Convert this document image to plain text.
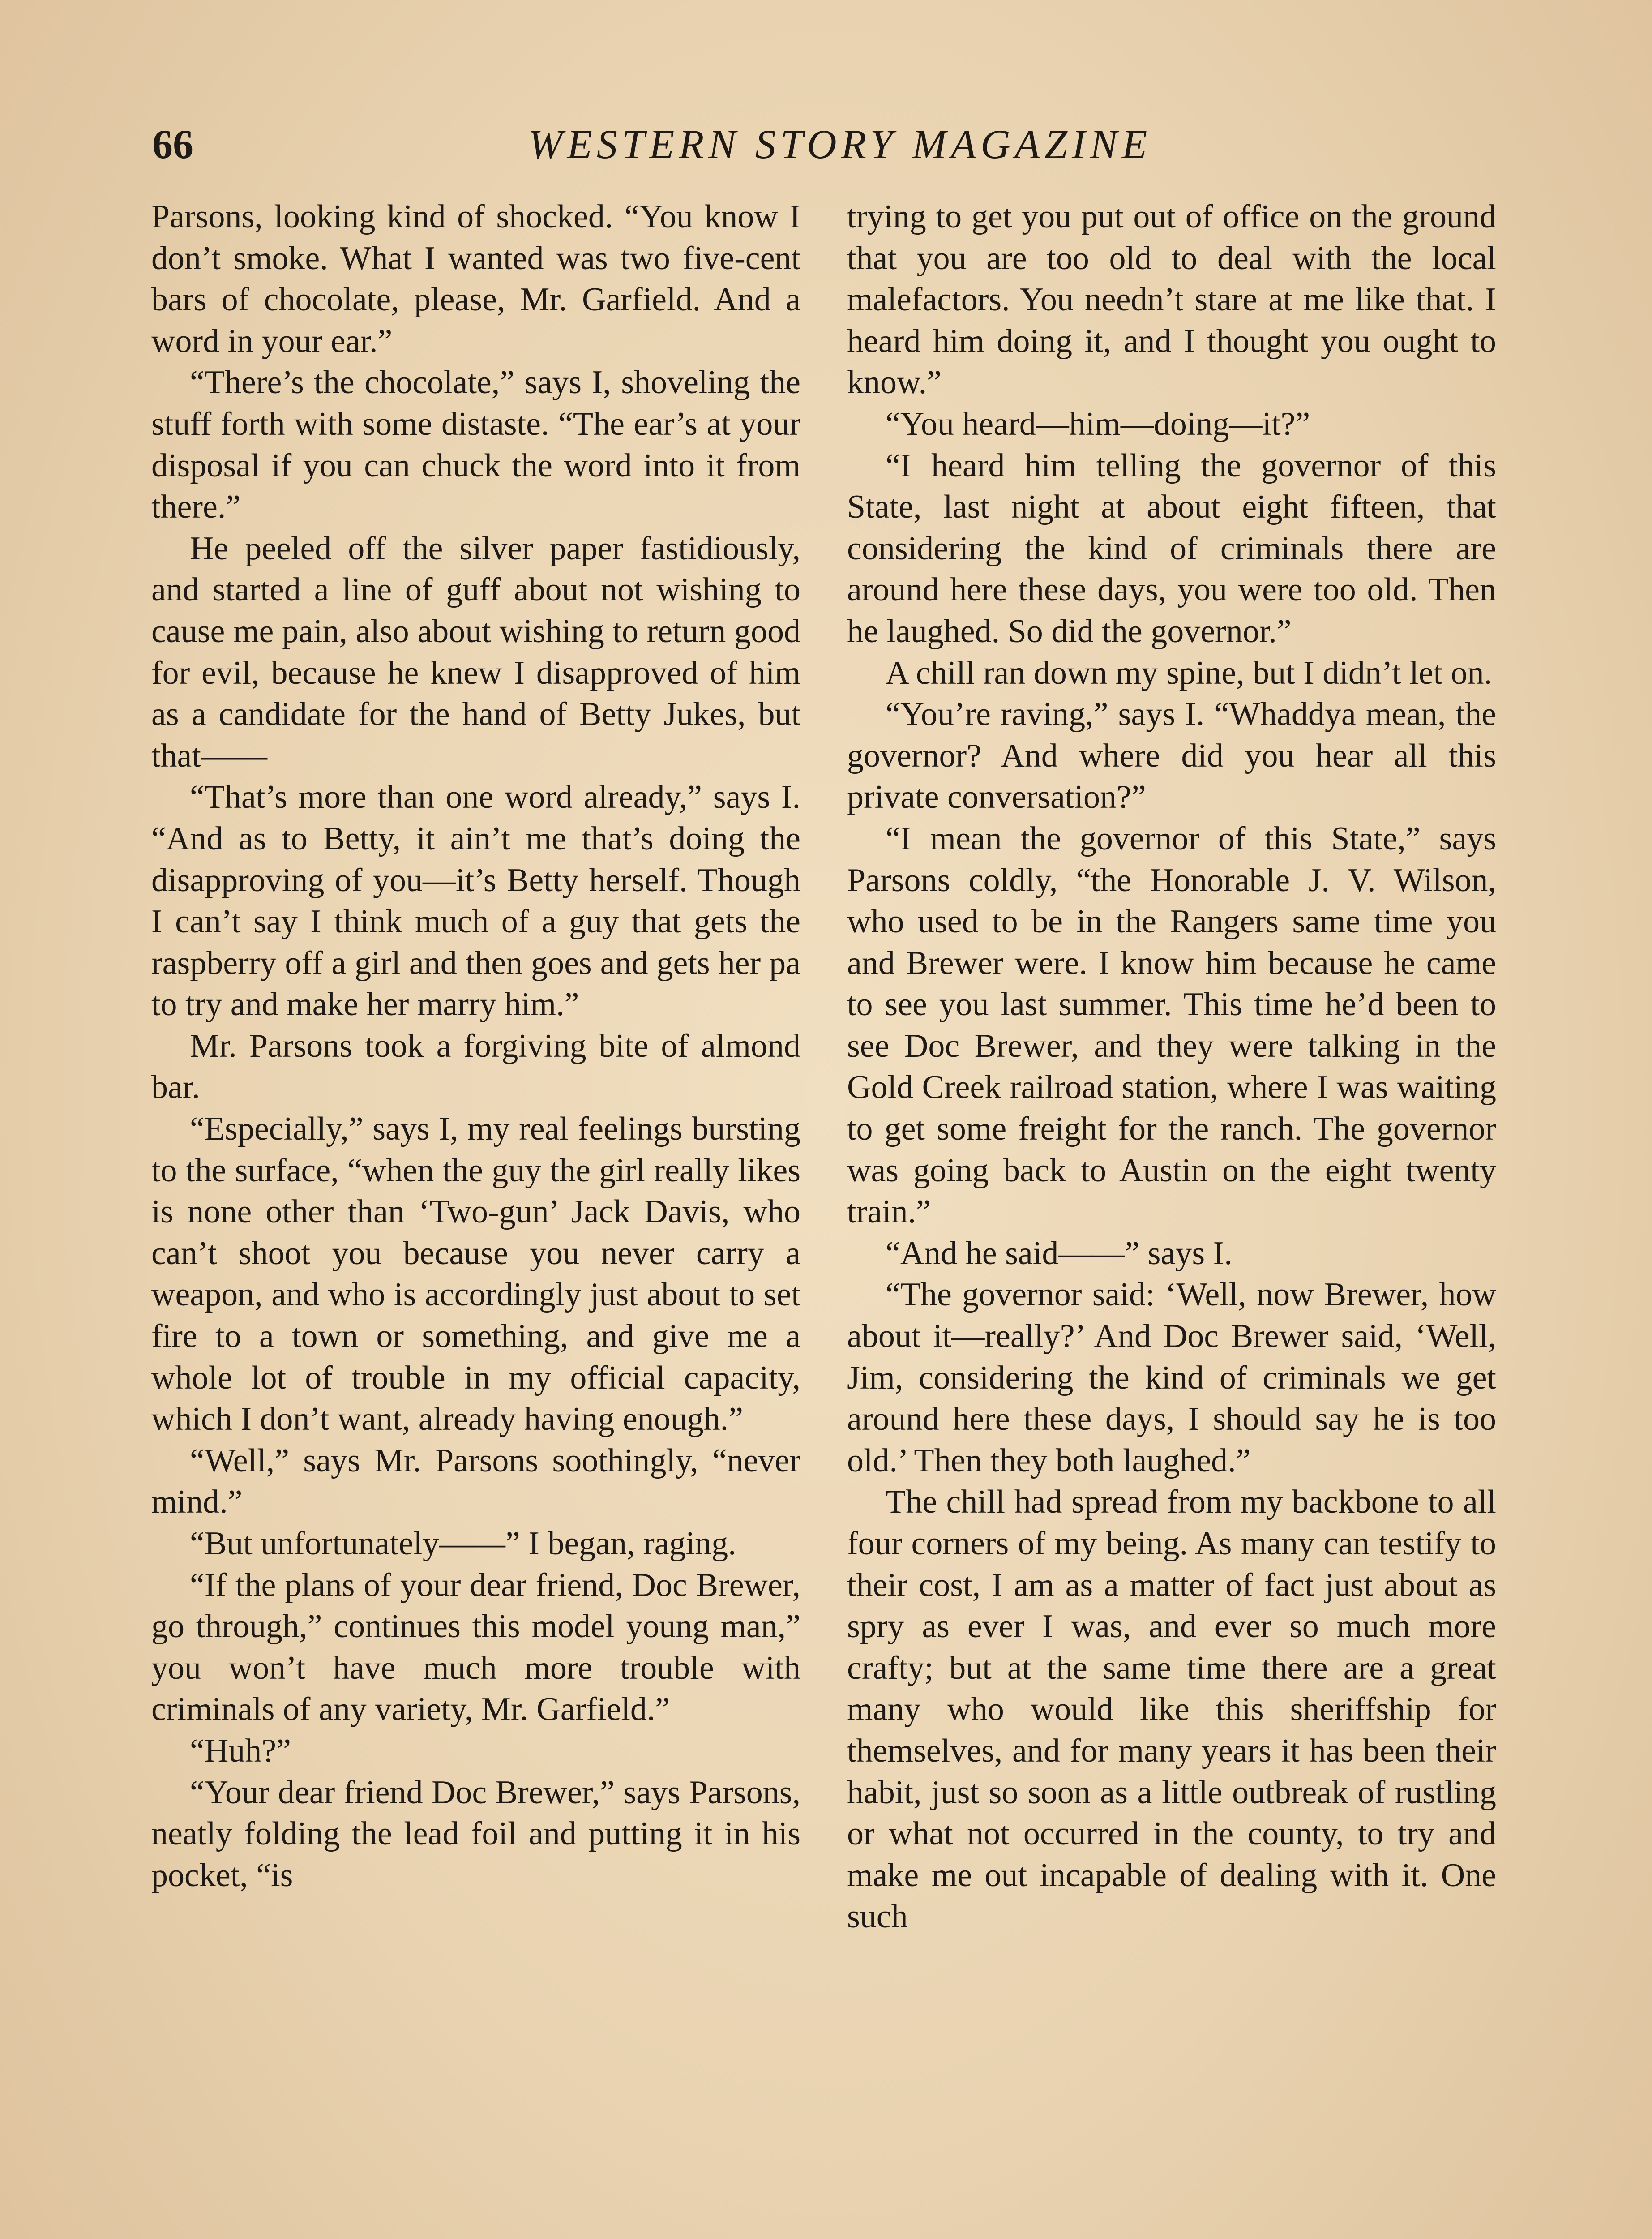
66	WESTERN STORY MAGAZINE

Parsons, looking kind of shocked. “You know I don’t smoke. What I wanted was two five-cent bars of chocolate, please, Mr. Garfield. And a word in your ear.”

“There’s the chocolate,” says I, shoveling the stuff forth with some distaste. “The ear’s at your disposal if you can chuck the word into it from there.”

He peeled off the silver paper fastidiously, and started a line of guff about not wishing to cause me pain, also about wishing to return good for evil, because he knew I disapproved of him as a candidate for the hand of Betty Jukes, but that——

“That’s more than one word already,” says I. “And as to Betty, it ain’t me that’s doing the disapproving of you—it’s Betty herself. Though I can’t say I think much of a guy that gets the raspberry off a girl and then goes and gets her pa to try and make her marry him.”

Mr. Parsons took a forgiving bite of almond bar.

“Especially,” says I, my real feelings bursting to the surface, “when the guy the girl really likes is none other than ‘Two-gun’ Jack Davis, who can’t shoot you because you never carry a weapon, and who is accordingly just about to set fire to a town or something, and give me a whole lot of trouble in my official capacity, which I don’t want, already having enough.”

“Well,” says Mr. Parsons soothingly, “never mind.”

“But unfortunately——” I began, raging.

“If the plans of your dear friend, Doc Brewer, go through,” continues this model young man,” you won’t have much more trouble with criminals of any variety, Mr. Garfield.”

“Huh?”

“Your dear friend Doc Brewer,” says Parsons, neatly folding the lead foil and putting it in his pocket, “is

trying to get you put out of office on the ground that you are too old to deal with the local malefactors. You needn’t stare at me like that. I heard him doing it, and I thought you ought to know.”

“You heard—him—doing—it?”

“I heard him telling the governor of this State, last night at about eight fifteen, that considering the kind of criminals there are around here these days, you were too old. Then he laughed. So did the governor.”

A chill ran down my spine, but I didn’t let on.

“You’re raving,” says I. “Whaddya mean, the governor? And where did you hear all this private conversation?”

“I mean the governor of this State,” says Parsons coldly, “the Honorable J. V. Wilson, who used to be in the Rangers same time you and Brewer were. I know him because he came to see you last summer. This time he’d been to see Doc Brewer, and they were talking in the Gold Creek railroad station, where I was waiting to get some freight for the ranch. The governor was going back to Austin on the eight twenty train.”

“And he said——” says I.

“The governor said: ‘Well, now Brewer, how about it—really?’ And Doc Brewer said, ‘Well, Jim, considering the kind of criminals we get around here these days, I should say he is too old.’ Then they both laughed.”

The chill had spread from my backbone to all four corners of my being. As many can testify to their cost, I am as a matter of fact just about as spry as ever I was, and ever so much more crafty; but at the same time there are a great many who would like this sheriffship for themselves, and for many years it has been their habit, just so soon as a little outbreak of rustling or what not occurred in the county, to try and make me out incapable of dealing with it. One such
